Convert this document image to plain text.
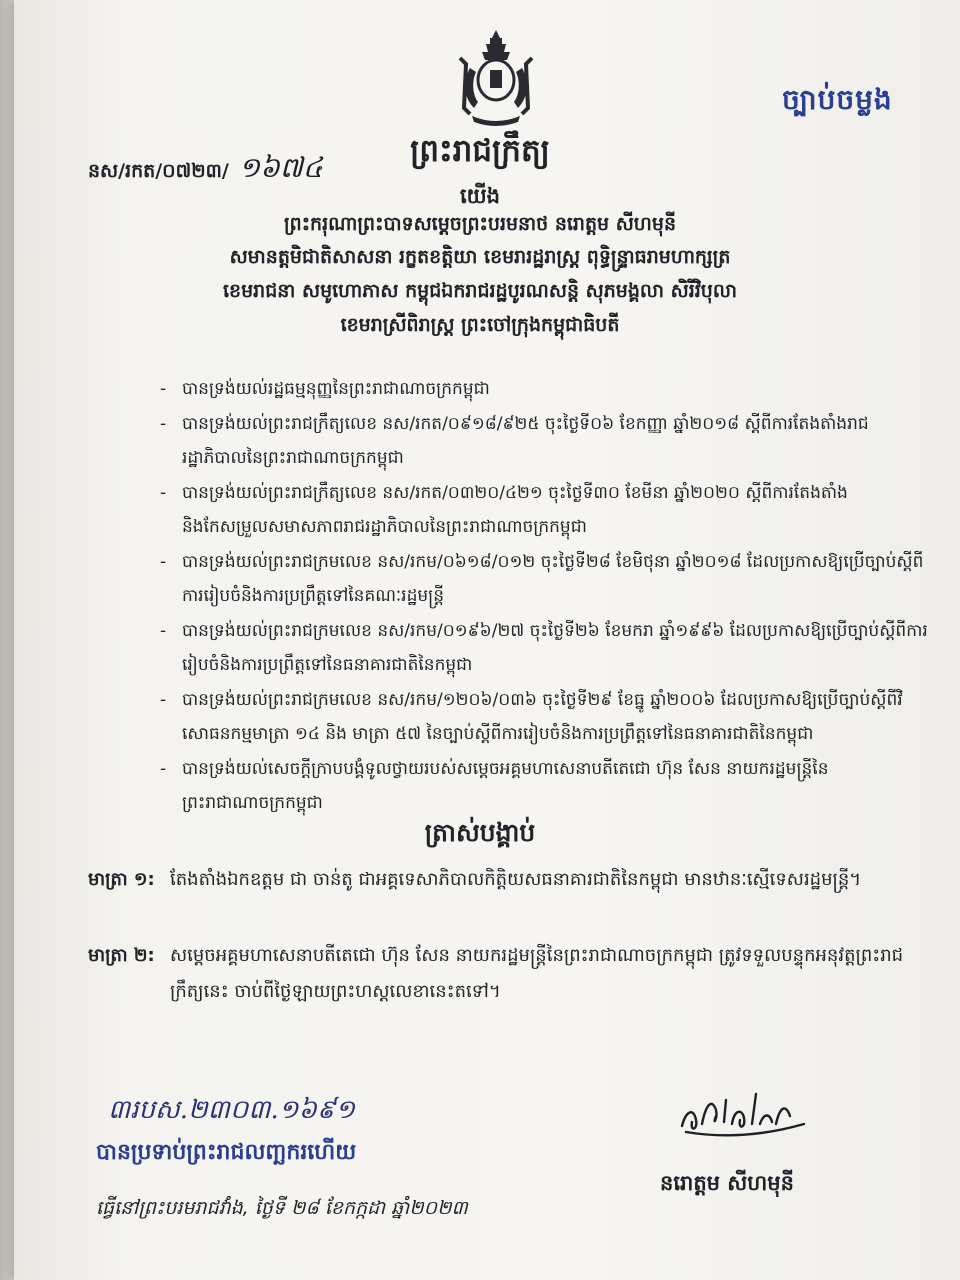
ច្បាប់ចម្លង
នស/រកត/០៧២៣/ ១៦៧៤	ព្រះរាជក្រឹត្យ
យើង
ព្រះករុណាព្រះបាទសម្តេចព្រះបរមនាថ នរោត្តម សីហមុនី
សមានត្តមិជាតិសាសនា រក្ខតខត្តិយា ខេមរារដ្ឋរាស្ត្រ ពុទ្ធិន្ទ្រាធរាមហាក្សត្រ
ខេមរាជនា សមូហោភាស កម្ពុជឯករាជរដ្ឋបូរណសន្តិ សុភមង្គលា សិរីវិបុលា
ខេមរាស្រីពិរាស្ត្រ ព្រះចៅក្រុងកម្ពុជាធិបតី
- បានទ្រង់យល់រដ្ឋធម្មនុញ្ញនៃព្រះរាជាណាចក្រកម្ពុជា
- បានទ្រង់យល់ព្រះរាជក្រឹត្យលេខ នស/រកត/០៩១៨/៩២៥ ចុះថ្ងៃទី០៦ ខែកញ្ញា ឆ្នាំ២០១៨ ស្តីពីការតែងតាំងរាជរដ្ឋាភិបាលនៃព្រះរាជាណាចក្រកម្ពុជា
- បានទ្រង់យល់ព្រះរាជក្រឹត្យលេខ នស/រកត/០៣២០/៤២១ ចុះថ្ងៃទី៣០ ខែមីនា ឆ្នាំ២០២០ ស្តីពីការតែងតាំងនិងកែសម្រួលសមាសភាពរាជរដ្ឋាភិបាលនៃព្រះរាជាណាចក្រកម្ពុជា
- បានទ្រង់យល់ព្រះរាជក្រមលេខ នស/រកម/០៦១៨/០១២ ចុះថ្ងៃទី២៨ ខែមិថុនា ឆ្នាំ២០១៨ ដែលប្រកាសឱ្យប្រើច្បាប់ស្តីពីការរៀបចំនិងការប្រព្រឹត្តទៅនៃគណៈរដ្ឋមន្ត្រី
- បានទ្រង់យល់ព្រះរាជក្រមលេខ នស/រកម/០១៩៦/២៧ ចុះថ្ងៃទី២៦ ខែមករា ឆ្នាំ១៩៩៦ ដែលប្រកាសឱ្យប្រើច្បាប់ស្តីពីការរៀបចំនិងការប្រព្រឹត្តទៅនៃធនាគារជាតិនៃកម្ពុជា
- បានទ្រង់យល់ព្រះរាជក្រមលេខ នស/រកម/១២០៦/០៣៦ ចុះថ្ងៃទី២៩ ខែធ្នូ ឆ្នាំ២០០៦ ដែលប្រកាសឱ្យប្រើច្បាប់ស្តីពីវិសោធនកម្មមាត្រា ១៤ និង មាត្រា ៥៧ នៃច្បាប់ស្តីពីការរៀបចំនិងការប្រព្រឹត្តទៅនៃធនាគារជាតិនៃកម្ពុជា
- បានទ្រង់យល់សេចក្តីក្រាបបង្គំទូលថ្វាយរបស់សម្តេចអគ្គមហាសេនាបតីតេជោ ហ៊ុន សែន នាយករដ្ឋមន្ត្រីនៃព្រះរាជាណាចក្រកម្ពុជា
ត្រាស់បង្គាប់
មាត្រា ១: តែងតាំងឯកឧត្តម ជា ចាន់តូ ជាអគ្គទេសាភិបាលកិត្តិយសធនាគារជាតិនៃកម្ពុជា មានឋានៈស្មើទេសរដ្ឋមន្ត្រី។
មាត្រា ២: សម្តេចអគ្គមហាសេនាបតីតេជោ ហ៊ុន សែន នាយករដ្ឋមន្ត្រីនៃព្រះរាជាណាចក្រកម្ពុជា ត្រូវទទួលបន្ទុកអនុវត្តព្រះរាជក្រឹត្យនេះ ចាប់ពីថ្ងៃឡាយព្រះហស្តលេខានេះតទៅ។
៣របស.២៣០៣.១៦៩១
បានប្រទាប់ព្រះរាជលញ្ឆករហើយ
ធ្វើនៅព្រះបរមរាជវាំង, ថ្ងៃទី ២៨ ខែកក្កដា ឆ្នាំ២០២៣
នរោត្តម សីហមុនី
